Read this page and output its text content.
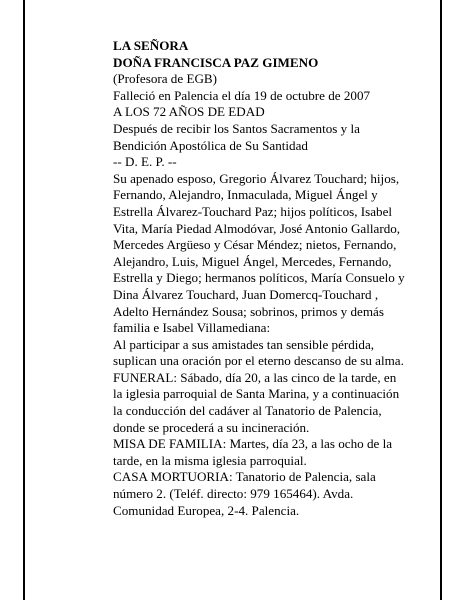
LA SEÑORA

DOÑA FRANCISCA PAZ GIMENO

(Profesora de EGB)

Falleció en Palencia el día 19 de octubre de 2007

A LOS 72 AÑOS DE EDAD

Después de recibir los Santos Sacramentos y la
Bendición Apostólica de Su Santidad

-- D. E. P. --

Su apenado esposo, Gregorio Álvarez Touchard; hijos,
Fernando, Alejandro, Inmaculada, Miguel Ángel y
Estrella Álvarez-Touchard Paz; hijos políticos, Isabel
Vita, María Piedad Almodóvar, José Antonio Gallardo,
Mercedes Argüeso y César Méndez; nietos, Fernando,
Alejandro, Luis, Miguel Ángel, Mercedes, Fernando,
Estrella y Diego; hermanos políticos, María Consuelo y
Dina Álvarez Touchard, Juan Domercq-Touchard ,
Adelto Hernández Sousa; sobrinos, primos y demás
familia e Isabel Villamediana:

Al participar a sus amistades tan sensible pérdida,
suplican una oración por el eterno descanso de su alma.

FUNERAL: Sábado, día 20, a las cinco de la tarde, en
la iglesia parroquial de Santa Marina, y a continuación
la conducción del cadáver al Tanatorio de Palencia,
donde se procederá a su incineración.

MISA DE FAMILIA: Martes, día 23, a las ocho de la
tarde, en la misma iglesia parroquial.

CASA MORTUORIA: Tanatorio de Palencia, sala
número 2. (Teléf. directo: 979 165464). Avda.
Comunidad Europea, 2-4. Palencia.
